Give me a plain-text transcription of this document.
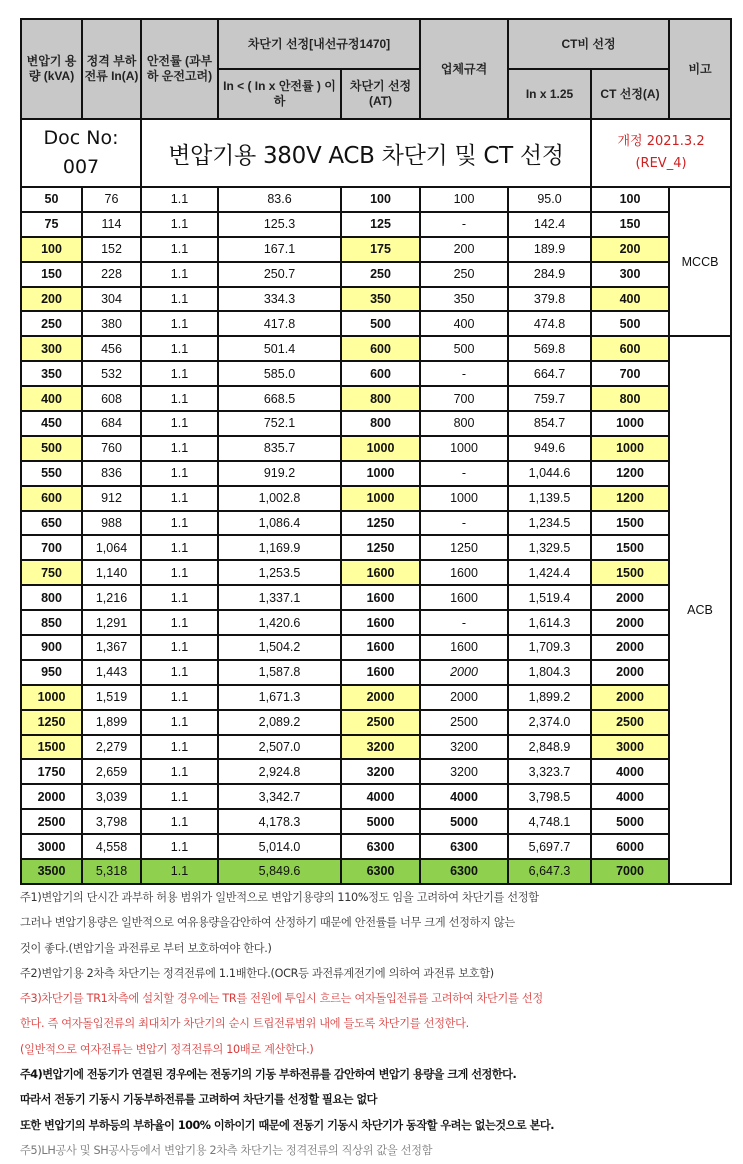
Doc No:
007	변압기용 380V ACB 차단기 및 CT 선정	
개정 2021.3.2
(REV_4)

변압기 용량 (kVA)	정격 부하 전류 In(A)	안전률 (과부하 운전고려)	차단기 선정[내선규정1470]		업체규격	CT비 선정		비고
			In < ( In x 안전률 ) 이하	차단기 선정 (AT)		In x 1.25	CT 선정(A)	
50	76	1.1	83.6	100	100	95.0	100	MCCB
75	114	1.1	125.3	125	-	142.4	150	
100	152	1.1	167.1	175	200	189.9	200	
150	228	1.1	250.7	250	250	284.9	300	
200	304	1.1	334.3	350	350	379.8	400	
250	380	1.1	417.8	500	400	474.8	500	
300	456	1.1	501.4	600	500	569.8	600	ACB
350	532	1.1	585.0	600	-	664.7	700	
400	608	1.1	668.5	800	700	759.7	800	
450	684	1.1	752.1	800	800	854.7	1000	
500	760	1.1	835.7	1000	1000	949.6	1000	
550	836	1.1	919.2	1000	-	1,044.6	1200	
600	912	1.1	1,002.8	1000	1000	1,139.5	1200	
650	988	1.1	1,086.4	1250	-	1,234.5	1500	
700	1,064	1.1	1,169.9	1250	1250	1,329.5	1500	
750	1,140	1.1	1,253.5	1600	1600	1,424.4	1500	
800	1,216	1.1	1,337.1	1600	1600	1,519.4	2000	
850	1,291	1.1	1,420.6	1600	-	1,614.3	2000	
900	1,367	1.1	1,504.2	1600	1600	1,709.3	2000	
950	1,443	1.1	1,587.8	1600	2000	1,804.3	2000	
1000	1,519	1.1	1,671.3	2000	2000	1,899.2	2000	
1250	1,899	1.1	2,089.2	2500	2500	2,374.0	2500	
1500	2,279	1.1	2,507.0	3200	3200	2,848.9	3000	
1750	2,659	1.1	2,924.8	3200	3200	3,323.7	4000	
2000	3,039	1.1	3,342.7	4000	4000	3,798.5	4000	
2500	3,798	1.1	4,178.3	5000	5000	4,748.1	5000	
3000	4,558	1.1	5,014.0	6300	6300	5,697.7	6000	
3500	5,318	1.1	5,849.6	6300	6300	6,647.3	7000	
주1)변압기의 단시간 과부하 허용 범위가 일반적으로 변압기용량의 110%정도 임을 고려하여 차단기를 선정함
그러나 변압기용량은 일반적으로 여유용량을감안하여 산정하기 때문에 안전률를 너무 크게 선정하지 않는
것이 좋다.(변압기을 과전류로 부터 보호하여야 한다.)
주2)변압기용 2차측 차단기는 정격전류에 1.1배한다.(OCR등 과전류계전기에 의하여 과전류 보호함)
주3)차단기를 TR1차측에 설치할 경우에는 TR를 전원에 투입시 흐르는 여자돌입전류를 고려하여 차단기를 선정
한다. 즉 여자돌입전류의 최대치가 차단기의 순시 트립전류범위 내에 들도록 차단기를 선정한다.
(일반적으로 여자전류는 변압기 정격전류의 10배로 계산한다.)
주4)변압기에 전동기가 연결된 경우에는 전동기의 기동 부하전류를 감안하여 변압기 용량을 크게 선정한다.
따라서 전동기 기동시 기동부하전류를 고려하여 차단기를 선정할 필요는 없다
또한 변압기의 부하등의 부하율이 100% 이하이기 때문에 전동기 기동시 차단기가 동작할 우려는 없는것으로 본다.
주5)LH공사 및 SH공사등에서 변압기용 2차측 차단기는 정격전류의 직상위 값을 선정함
